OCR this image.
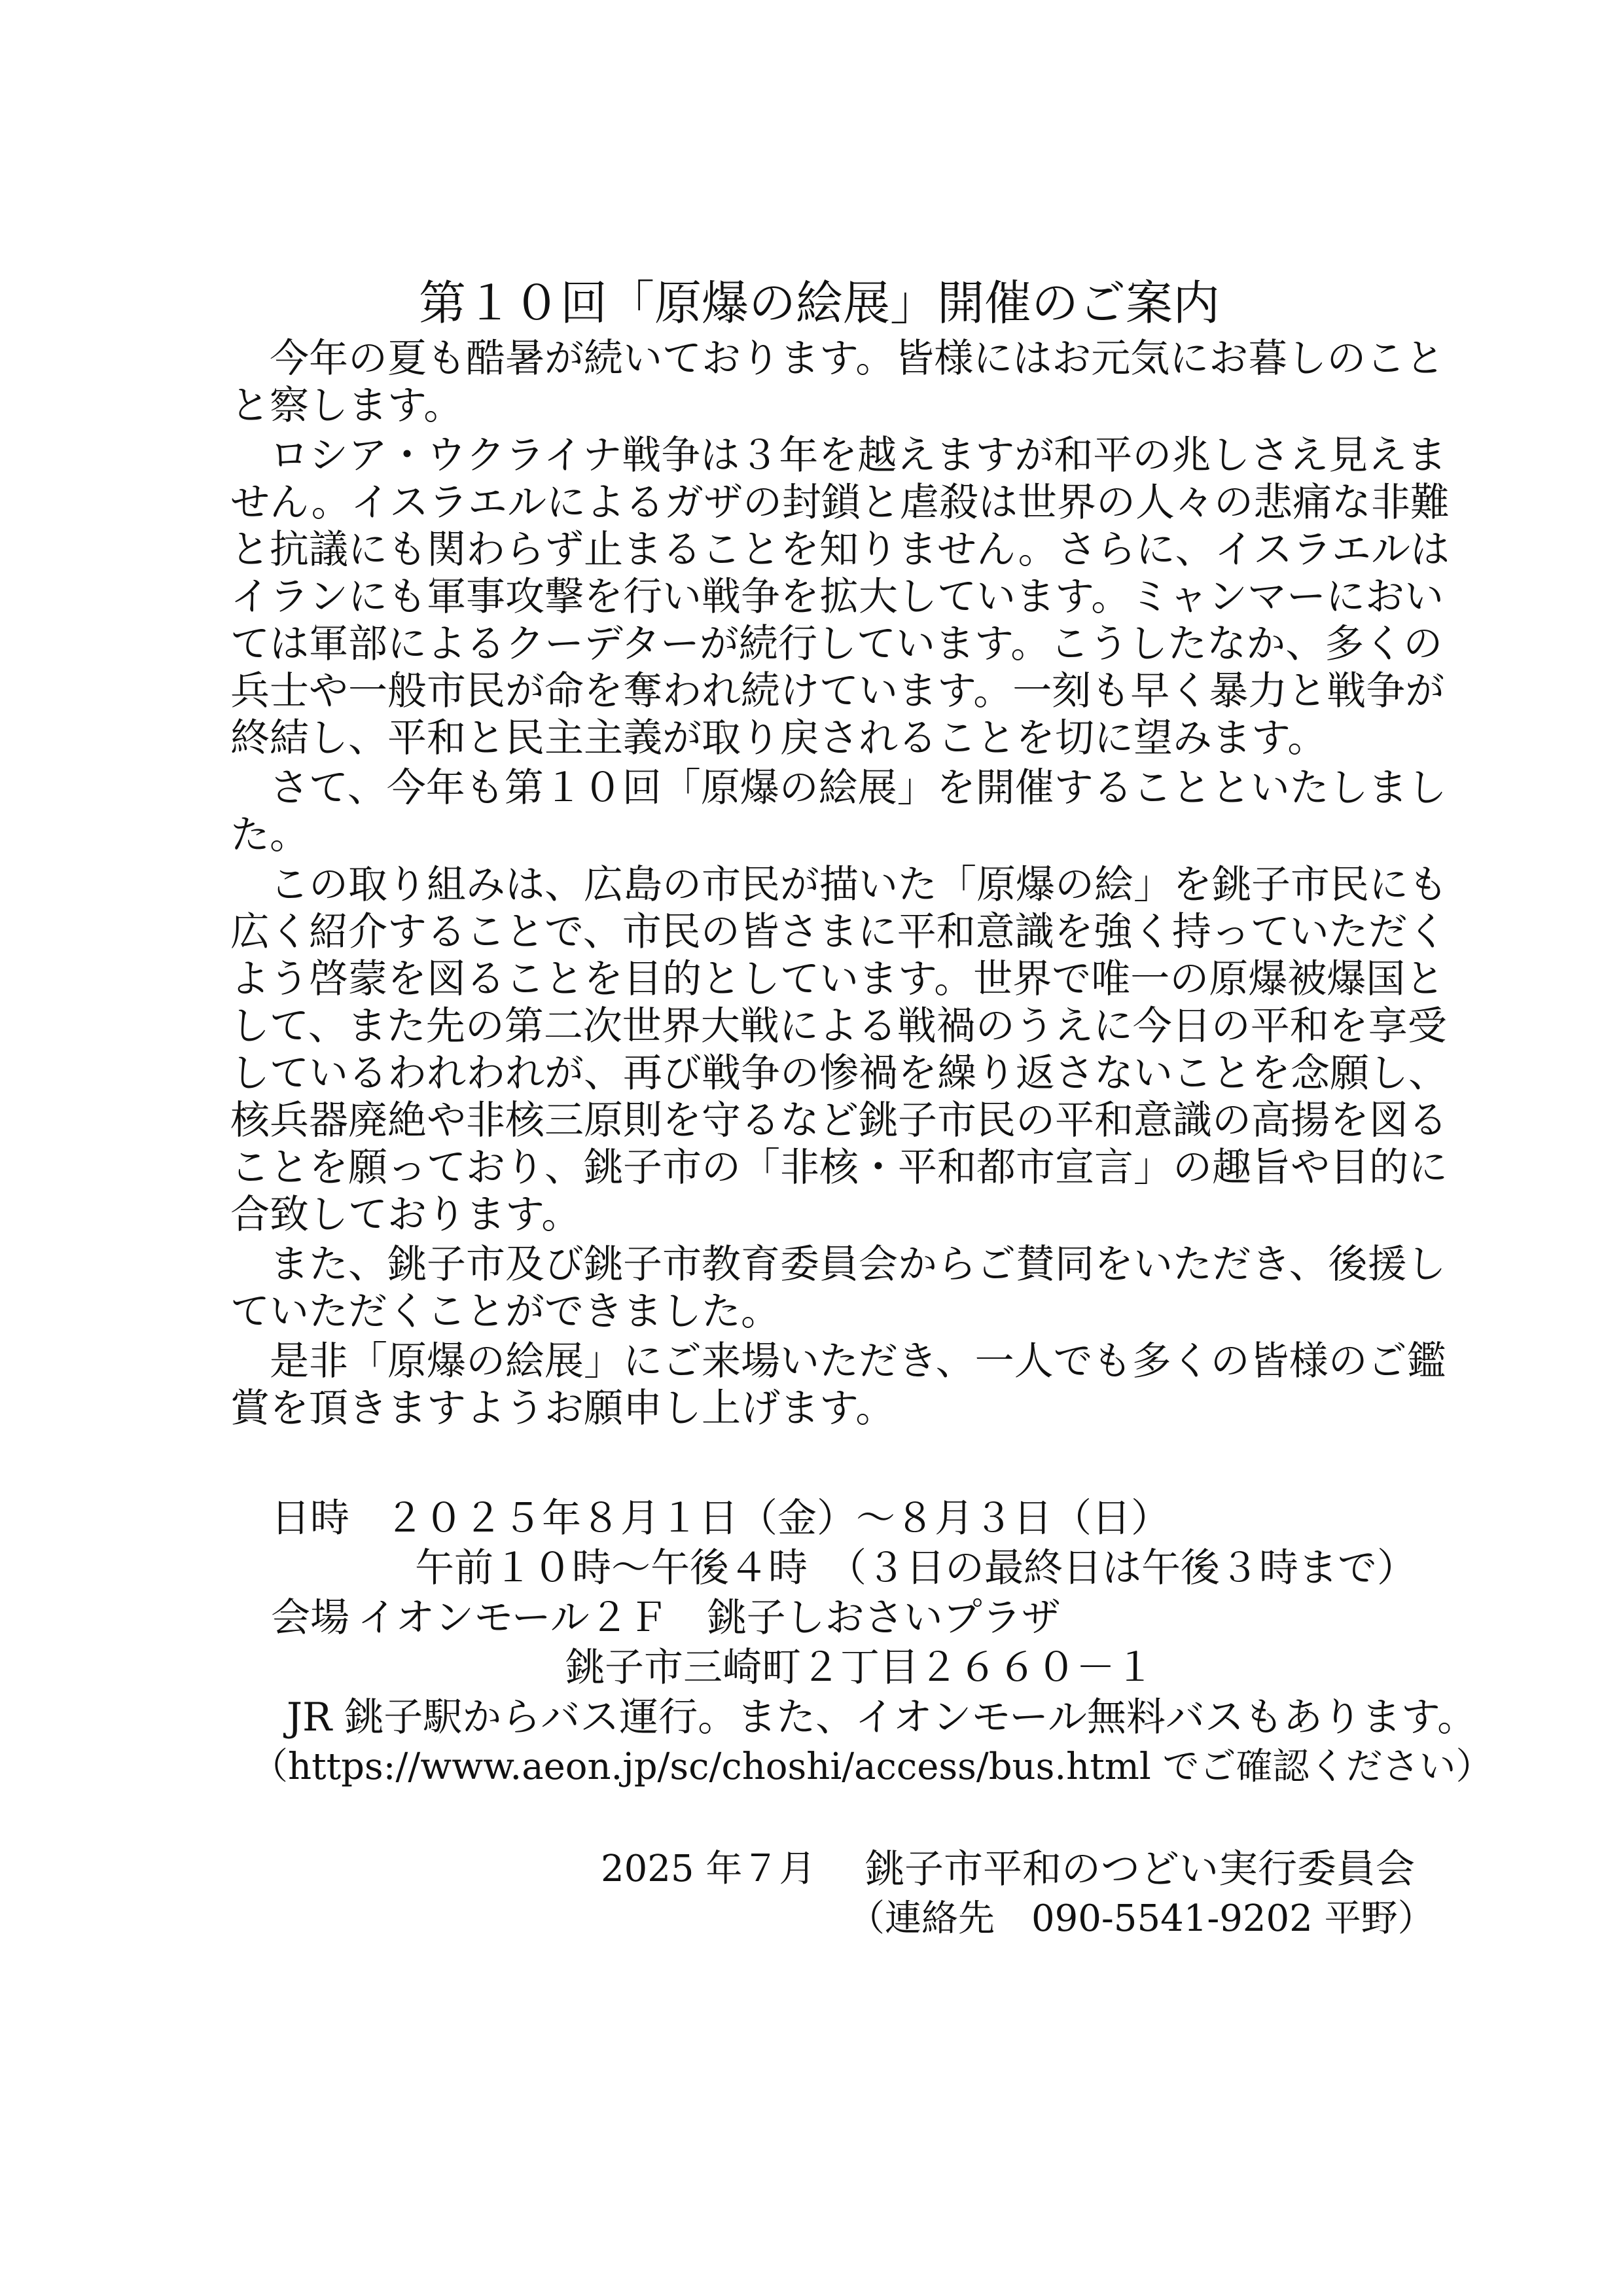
第１０回「原爆の絵展」開催のご案内

　今年の夏も酷暑が続いております。皆様にはお元気にお暮しのこと

と察します。

　ロシア・ウクライナ戦争は３年を越えますが和平の兆しさえ見えま

せん。イスラエルによるガザの封鎖と虐殺は世界の人々の悲痛な非難

と抗議にも関わらず止まることを知りません。さらに、イスラエルは

イランにも軍事攻撃を行い戦争を拡大しています。ミャンマーにおい

ては軍部によるクーデターが続行しています。こうしたなか、多くの

兵士や一般市民が命を奪われ続けています。一刻も早く暴力と戦争が

終結し、平和と民主主義が取り戻されることを切に望みます。

　さて、今年も第１０回「原爆の絵展」を開催することといたしまし

た。

　この取り組みは、広島の市民が描いた「原爆の絵」を銚子市民にも

広く紹介することで、市民の皆さまに平和意識を強く持っていただく

よう啓蒙を図ることを目的としています。世界で唯一の原爆被爆国と

して、また先の第二次世界大戦による戦禍のうえに今日の平和を享受

しているわれわれが、再び戦争の惨禍を繰り返さないことを念願し、

核兵器廃絶や非核三原則を守るなど銚子市民の平和意識の高揚を図る

ことを願っており、銚子市の「非核・平和都市宣言」の趣旨や目的に

合致しております。

　また、銚子市及び銚子市教育委員会からご賛同をいただき、後援し

ていただくことができました。

　是非「原爆の絵展」にご来場いただき、一人でも多くの皆様のご鑑

賞を頂きますようお願申し上げます。

日時 ２０２５年８月１日（金）～８月３日（日）

午前１０時～午後４時　（３日の最終日は午後３時まで）

会場 イオンモール２Ｆ　銚子しおさいプラザ

銚子市三崎町２丁目２６６０－１

JR 銚子駅からバス運行。また、イオンモール無料バスもあります。

（https://www.aeon.jp/sc/choshi/access/bus.html でご確認ください）

2025 年７月 銚子市平和のつどい実行委員会

（連絡先　090-5541-9202 平野）
